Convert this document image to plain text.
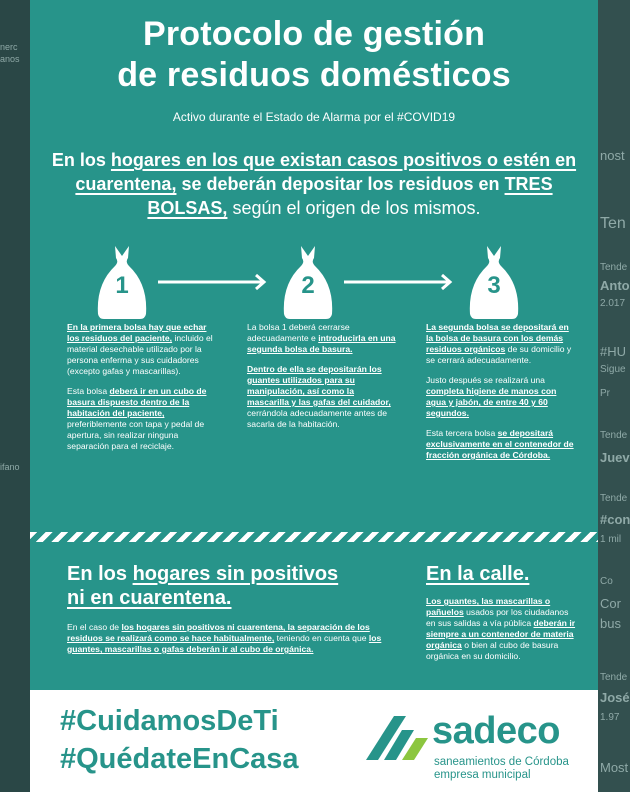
nerc
anos
ifano
nost
Ten
Tende
Anto
2.017
#HU
Sigue
Pr
Tende
Juev
Tende
#con
1 mil
Co
Cor
bus
Tende
José
1.97
Most
Protocolo de gestión
de residuos domésticos
Activo durante el Estado de Alarma por el #COVID19
En los hogares en los que existan casos positivos o estén en cuarentena, se deberán depositar los residuos en TRES BOLSAS, según el origen de los mismos.
1	2	3

En la primera bolsa hay que echar los residuos del paciente, incluido el material desechable utilizado por la persona enferma y sus cuidadores (excepto gafas y mascarillas).

Esta bolsa deberá ir en un cubo de basura dispuesto dentro de la habitación del paciente, preferiblemente con tapa y pedal de apertura, sin realizar ninguna separación para el reciclaje.

La bolsa 1 deberá cerrarse adecuadamente e introducirla en una segunda bolsa de basura.

Dentro de ella se depositarán los guantes utilizados para su manipulación, así como la mascarilla y las gafas del cuidador, cerrándola adecuadamente antes de sacarla de la habitación.

La segunda bolsa se depositará en la bolsa de basura con los demás residuos orgánicos de su domicilio y se cerrará adecuadamente.

Justo después se realizará una completa higiene de manos con agua y jabón, de entre 40 y 60 segundos.

Esta tercera bolsa se depositará exclusivamente en el contenedor de fracción orgánica de Córdoba.

En los hogares sin positivos
ni en cuarentena.
En el caso de los hogares sin positivos ni cuarentena, la separación de los residuos se realizará como se hace habitualmente, teniendo en cuenta que los guantes, mascarillas o gafas deberán ir al cubo de orgánica.
En la calle.
Los guantes, las mascarillas o pañuelos usados por los ciudadanos en sus salidas a vía pública deberán ir siempre a un contenedor de materia orgánica o bien al cubo de basura orgánica en su domicilio.
#CuidamosDeTi
#QuédateEnCasa
sadeco
saneamientos de Córdoba
empresa municipal
